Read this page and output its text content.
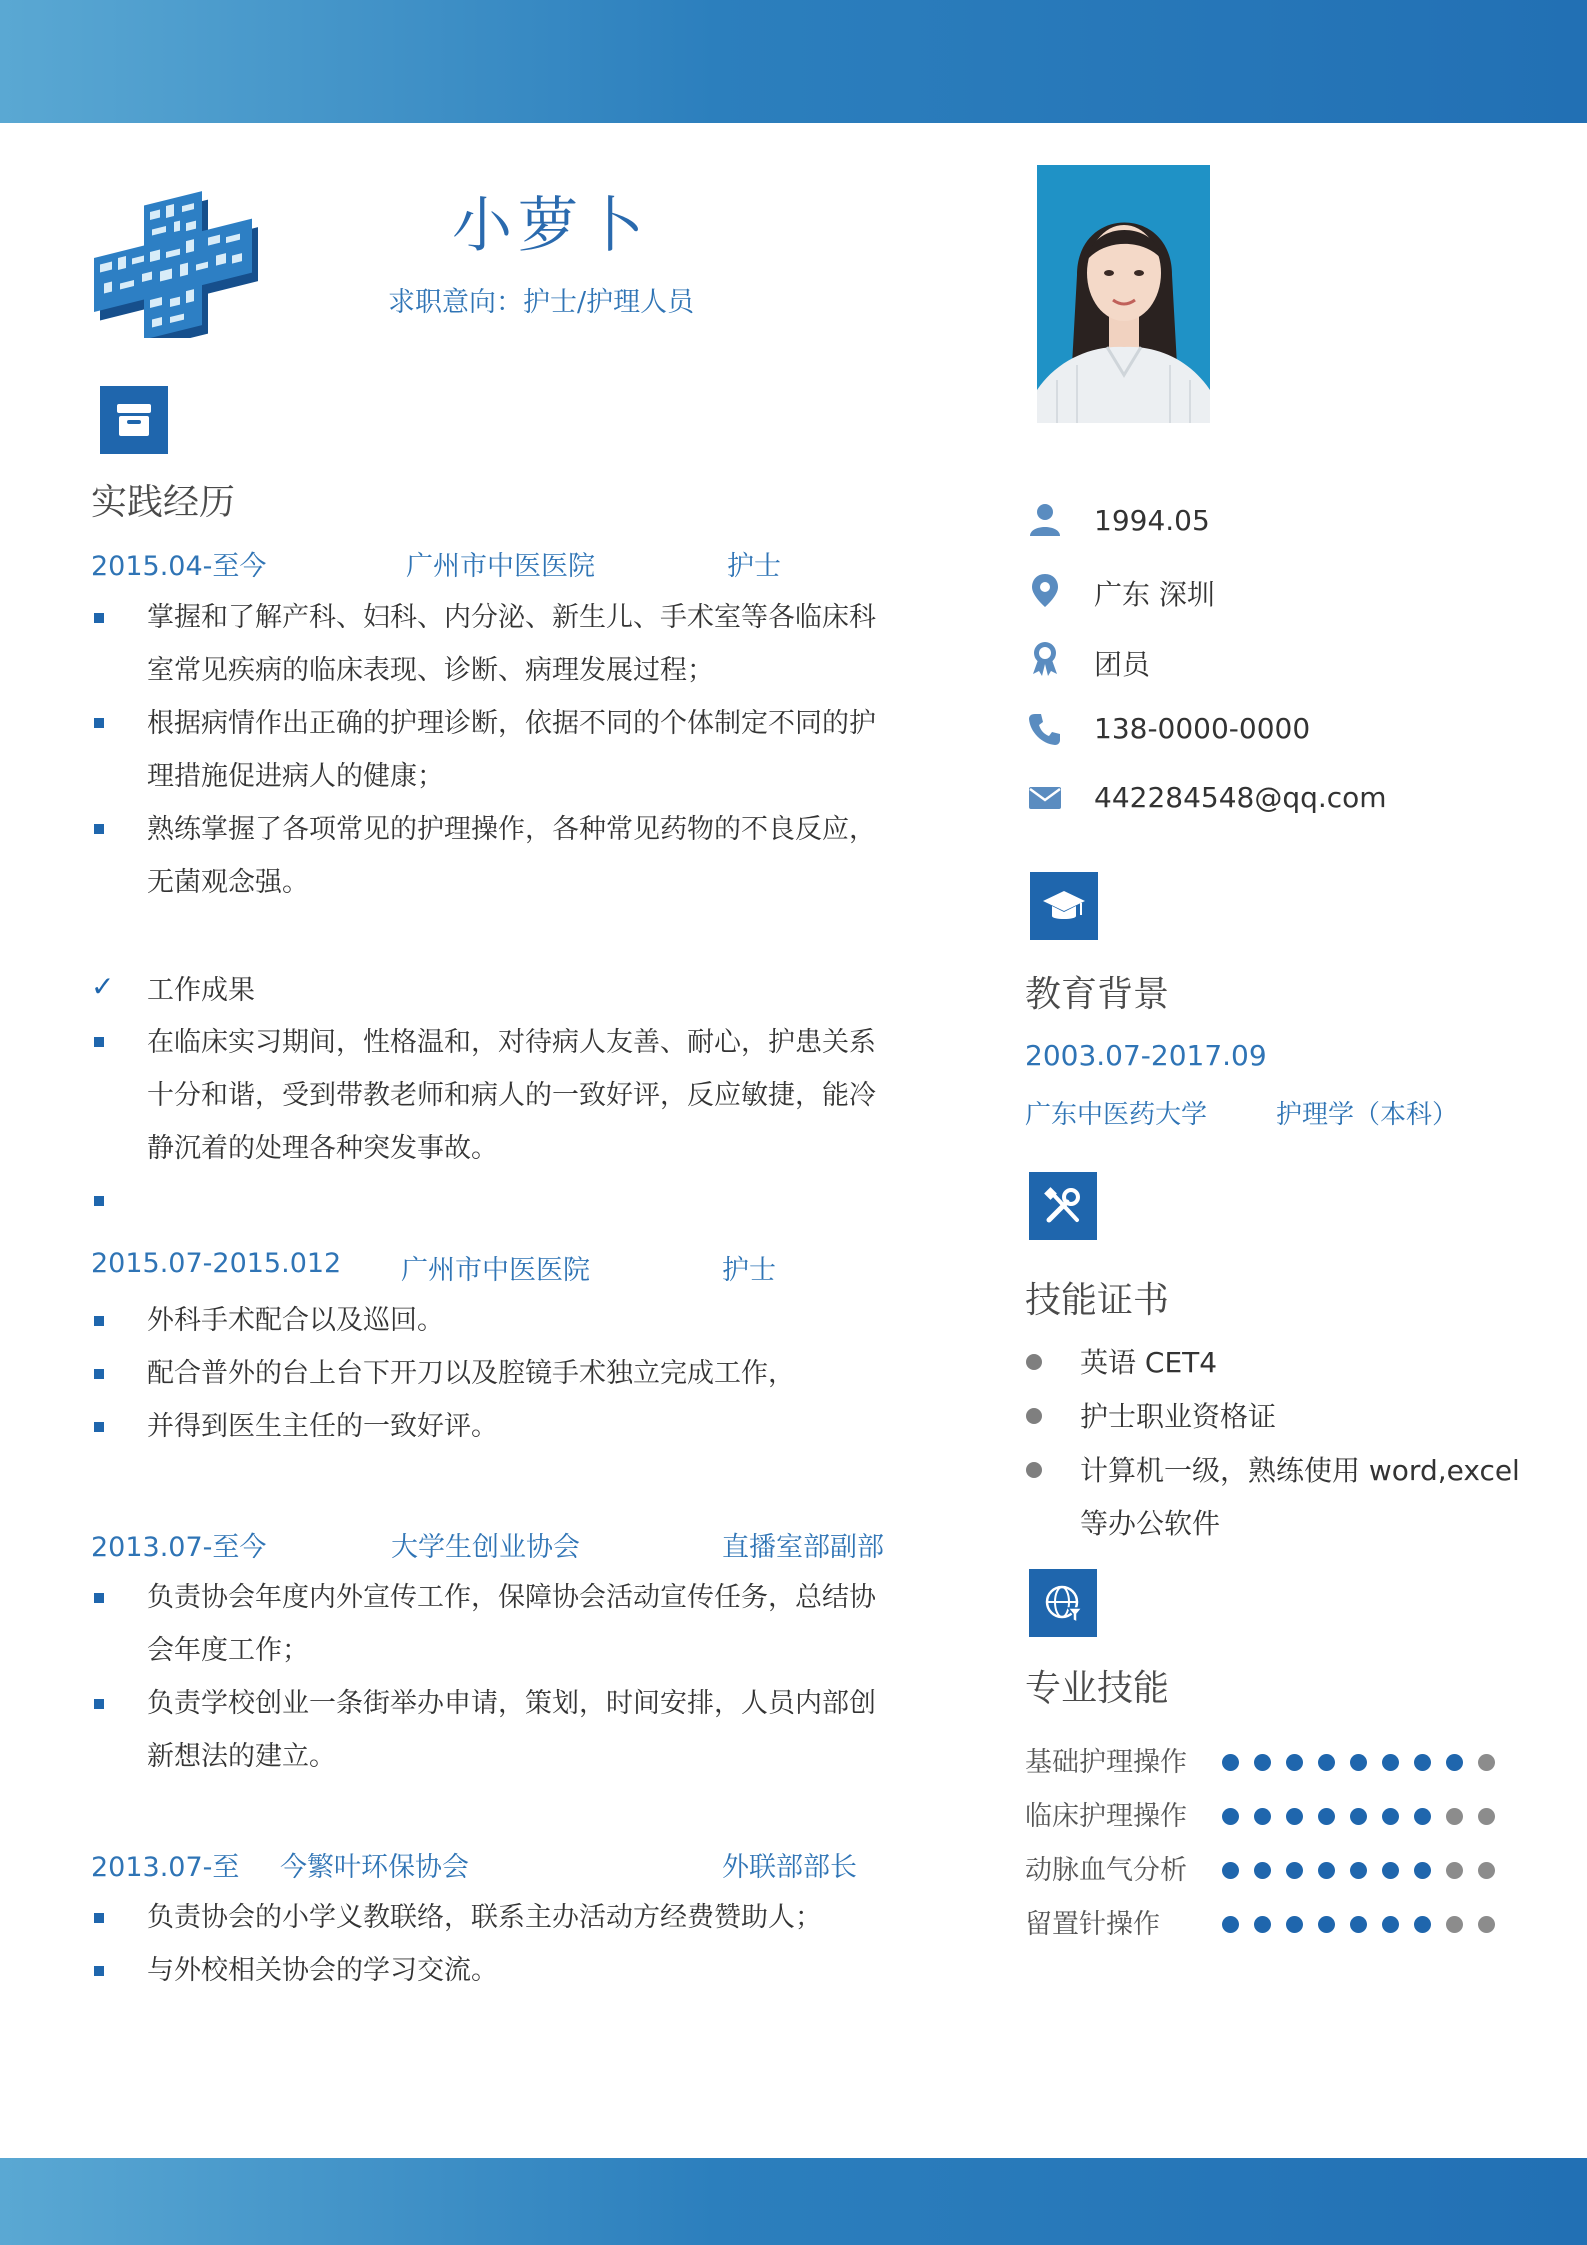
小萝卜
求职意向：护士/护理人员
实践经历
2015.04-至今	广州市中医医院	护士
掌握和了解产科、妇科、内分泌、新生儿、手术室等各临床科
室常见疾病的临床表现、诊断、病理发展过程；
根据病情作出正确的护理诊断，依据不同的个体制定不同的护
理措施促进病人的健康；
熟练掌握了各项常见的护理操作，各种常见药物的不良反应，
无菌观念强。
✓ 工作成果
在临床实习期间，性格温和，对待病人友善、耐心，护患关系
十分和谐，受到带教老师和病人的一致好评，反应敏捷，能冷
静沉着的处理各种突发事故。
2015.07-2015.012 广州市中医医院	护士
外科手术配合以及巡回。
配合普外的台上台下开刀以及腔镜手术独立完成工作，
并得到医生主任的一致好评。
2013.07-至今	大学生创业协会	直播室部副部
负责协会年度内外宣传工作，保障协会活动宣传任务，总结协
会年度工作；
负责学校创业一条街举办申请，策划，时间安排，人员内部创
新想法的建立。
2013.07-至 今繁叶环保协会	外联部部长
负责协会的小学义教联络，联系主办活动方经费赞助人；
与外校相关协会的学习交流。
1994.05
广东 深圳
团员
138-0000-0000
442284548@qq.com
教育背景
2003.07-2017.09
广东中医药大学	护理学（本科）
技能证书
英语 CET4
护士职业资格证
计算机一级，熟练使用 word,excel
等办公软件
专业技能
基础护理操作
临床护理操作
动脉血气分析
留置针操作
